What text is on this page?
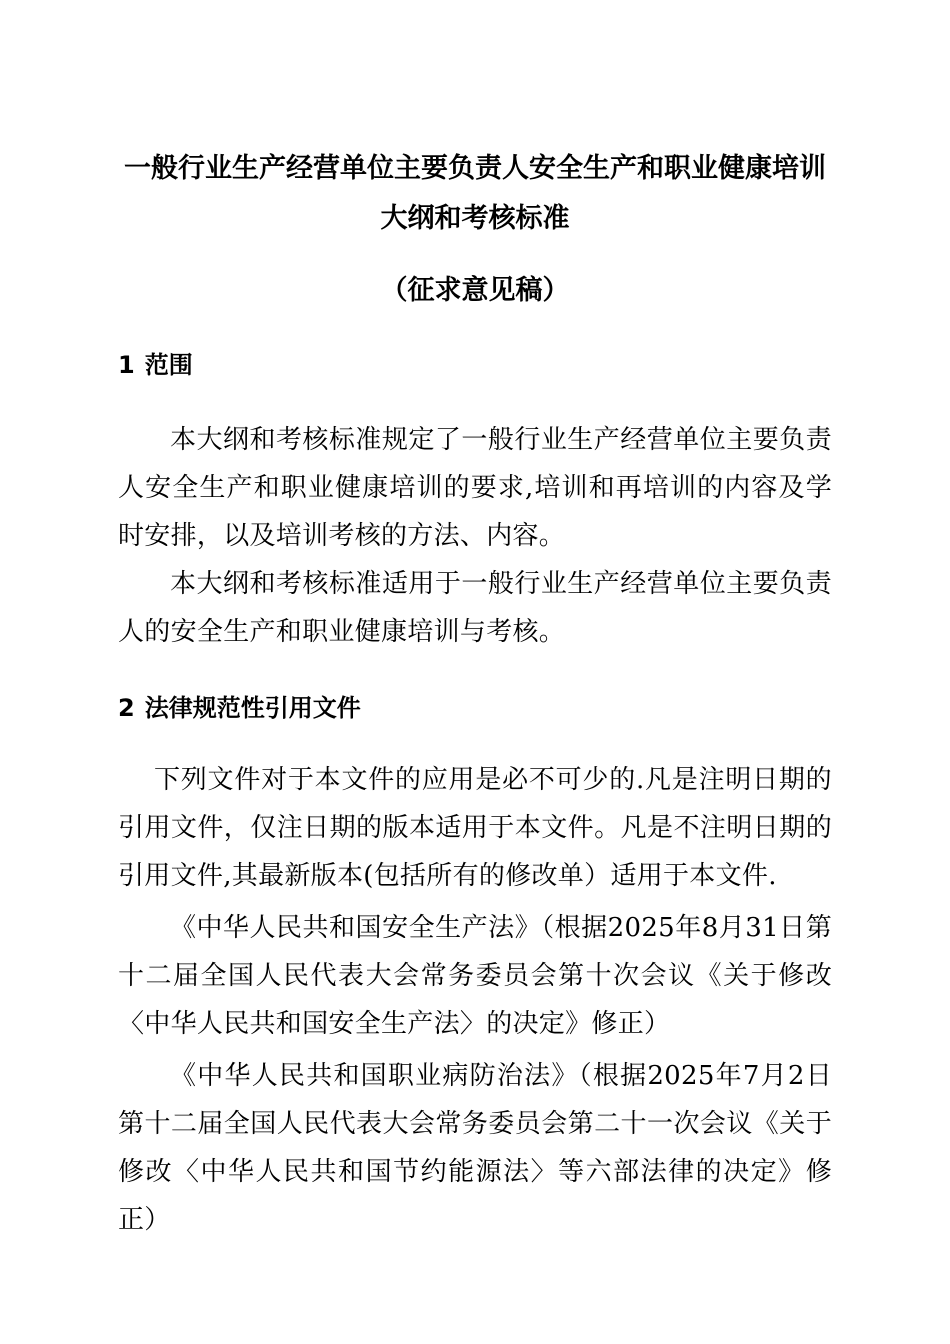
一般行业生产经营单位主要负责人安全生产和职业健康培训大纲和考核标准
（征求意见稿）
1 范围

本大纲和考核标准规定了一般行业生产经营单位主要负责人安全生产和职业健康培训的要求,培训和再培训的内容及学时安排，以及培训考核的方法、内容。

本大纲和考核标准适用于一般行业生产经营单位主要负责人的安全生产和职业健康培训与考核。

2 法律规范性引用文件

下列文件对于本文件的应用是必不可少的.凡是注明日期的引用文件，仅注日期的版本适用于本文件。凡是不注明日期的引用文件,其最新版本(包括所有的修改单）适用于本文件.

《中华人民共和国安全生产法》（根据2025年8月31日第十二届全国人民代表大会常务委员会第十次会议《关于修改〈中华人民共和国安全生产法〉的决定》修正）

《中华人民共和国职业病防治法》（根据2025年7月2日第十二届全国人民代表大会常务委员会第二十一次会议《关于修改〈中华人民共和国节约能源法〉等六部法律的决定》修正）
